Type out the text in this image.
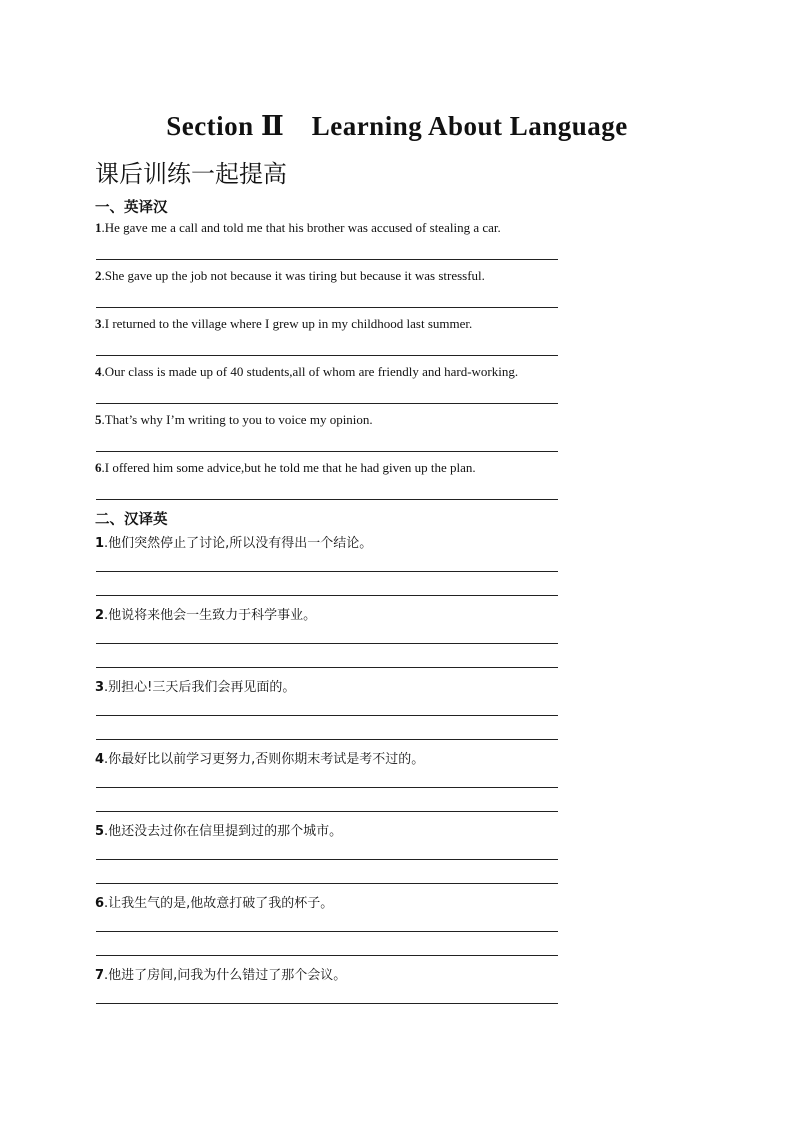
Section Ⅱ　Learning About Language
课后训练一起提高
一、英译汉
1.He gave me a call and told me that his brother was accused of stealing a car.
2.She gave up the job not because it was tiring but because it was stressful.
3.I returned to the village where I grew up in my childhood last summer.
4.Our class is made up of 40 students,all of whom are friendly and hard-working.
5.That’s why I’m writing to you to voice my opinion.
6.I offered him some advice,but he told me that he had given up the plan.
二、汉译英
1.他们突然停止了讨论,所以没有得出一个结论。
2.他说将来他会一生致力于科学事业。
3.别担心!三天后我们会再见面的。
4.你最好比以前学习更努力,否则你期末考试是考不过的。
5.他还没去过你在信里提到过的那个城市。
6.让我生气的是,他故意打破了我的杯子。
7.他进了房间,问我为什么错过了那个会议。
